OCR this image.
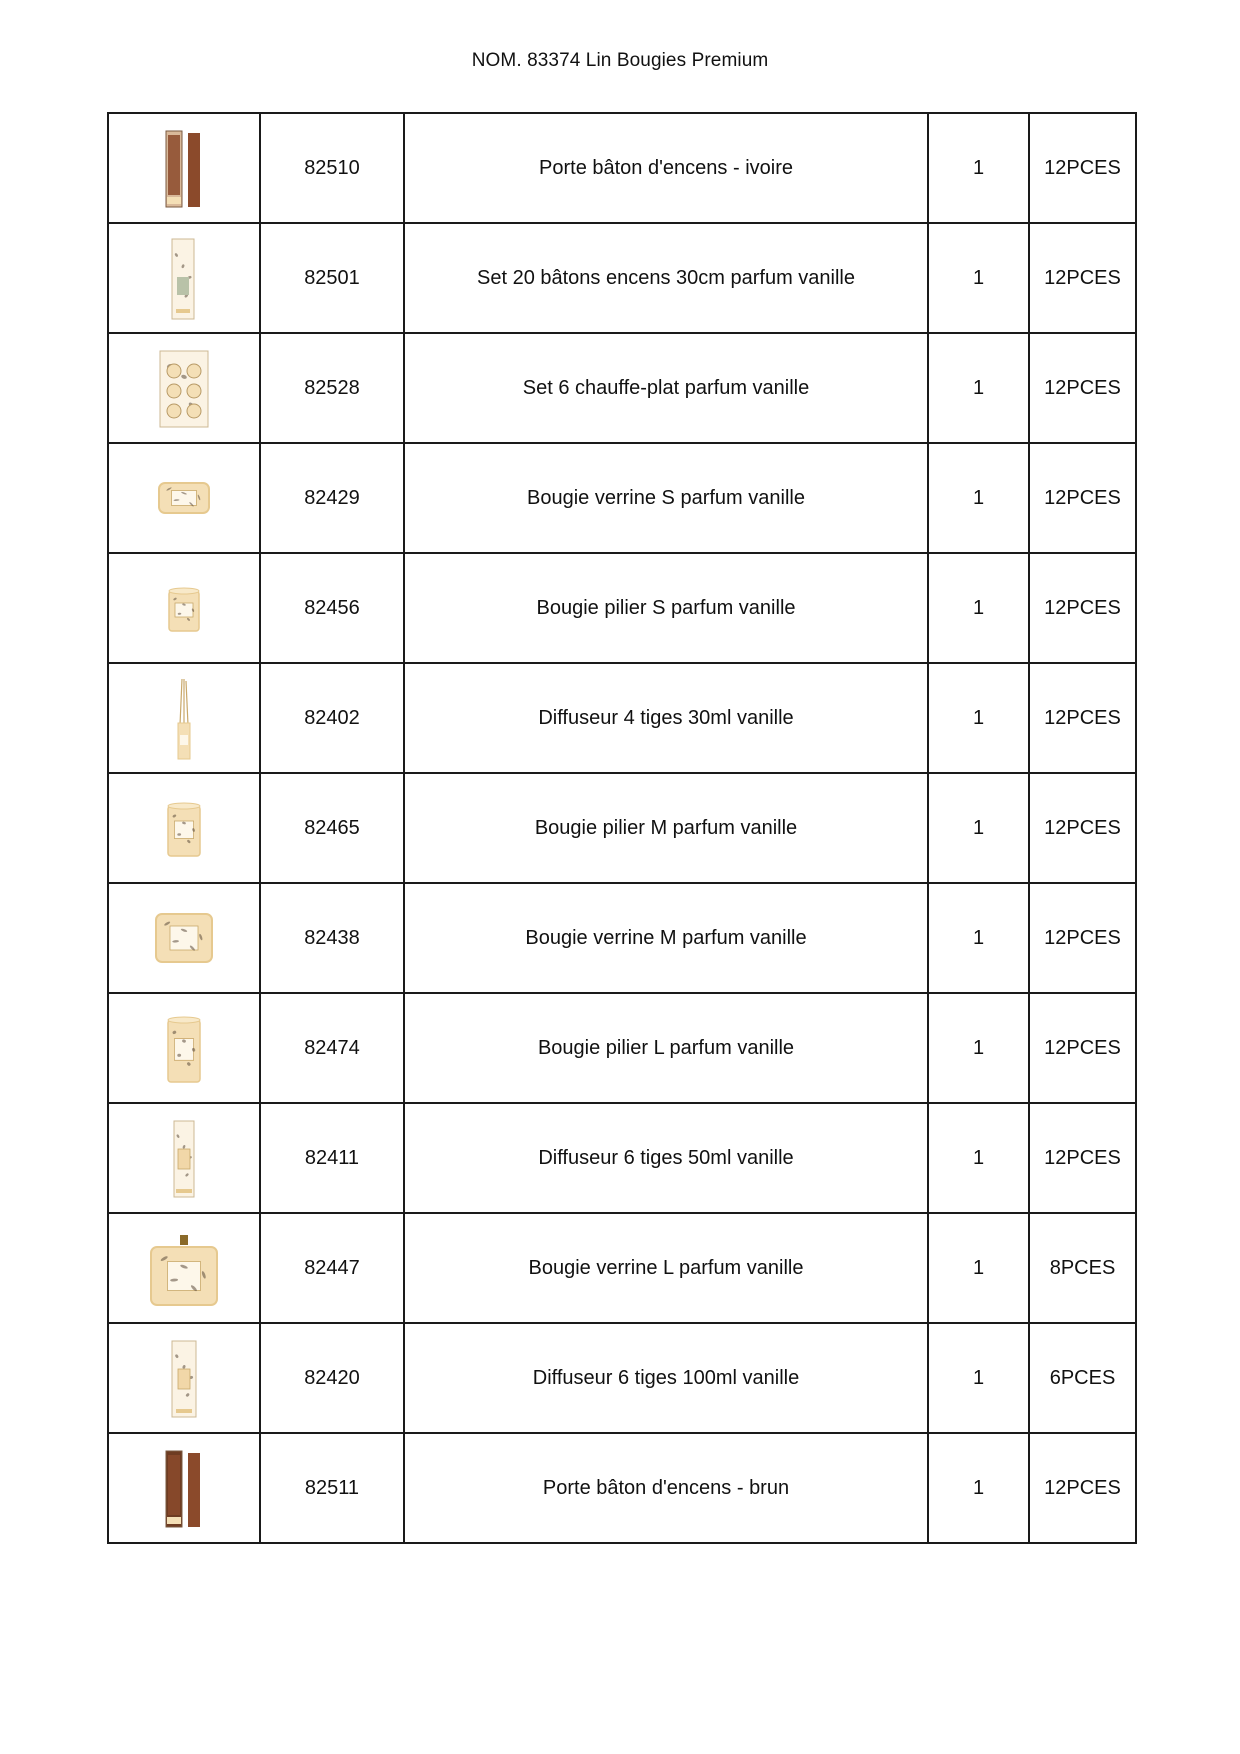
NOM. 83374 Lin Bougies Premium
	82510	Porte bâton d'encens - ivoire	1	12PCES

	82501	Set 20 bâtons encens 30cm parfum vanille	1	12PCES

	82528	Set 6 chauffe-plat parfum vanille	1	12PCES

	82429	Bougie verrine S parfum vanille	1	12PCES

	82456	Bougie pilier S parfum vanille	1	12PCES

	82402	Diffuseur 4 tiges 30ml vanille	1	12PCES

	82465	Bougie pilier M parfum vanille	1	12PCES

	82438	Bougie verrine M parfum vanille	1	12PCES

	82474	Bougie pilier L parfum vanille	1	12PCES

	82411	Diffuseur 6 tiges 50ml vanille	1	12PCES

	82447	Bougie verrine L parfum vanille	1	8PCES

	82420	Diffuseur 6 tiges 100ml vanille	1	6PCES

	82511	Porte bâton d'encens - brun	1	12PCES
